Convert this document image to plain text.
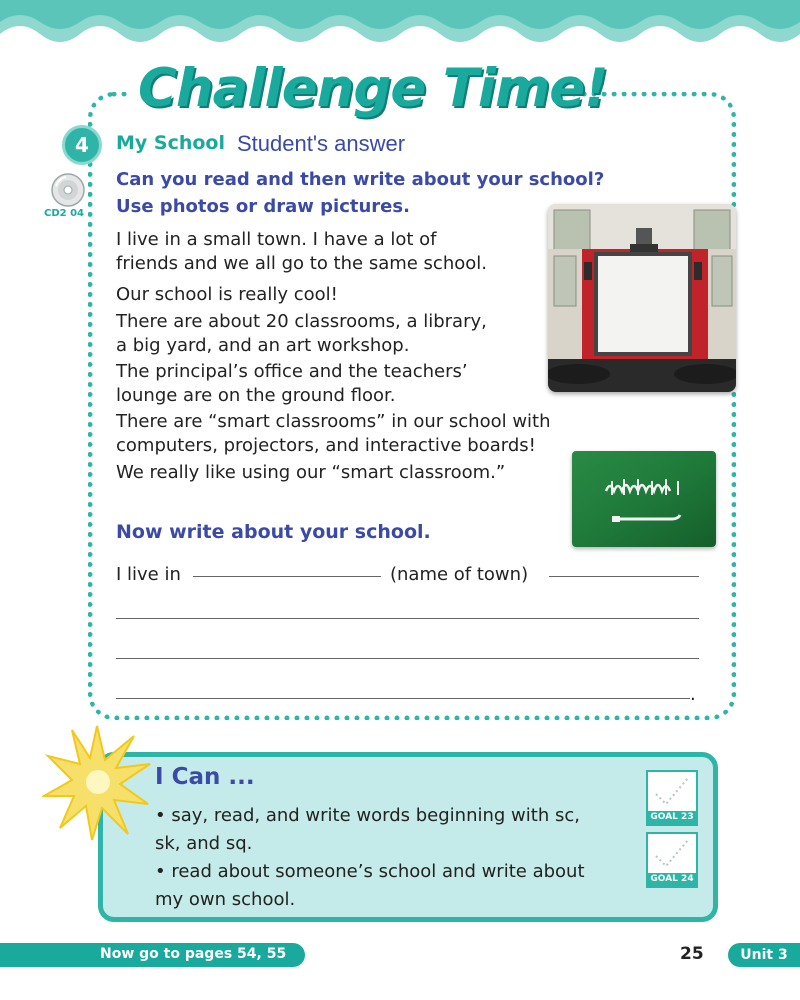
Challenge Time!
4	My School Student's answer
CD2 04
Can you read and then write about your school?
Use photos or draw pictures.
I live in a small town. I have a lot of
friends and we all go to the same school.
Our school is really cool!
There are about 20 classrooms, a library,
a big yard, and an art workshop.
The principal’s office and the teachers’
lounge are on the ground floor.
There are “smart classrooms” in our school with
computers, projectors, and interactive boards!
We really like using our “smart classroom.”
Now write about your school.
I live in	(name of town)
.
I Can ...
• say, read, and write words beginning with sc,
sk, and sq.
• read about someone’s school and write about
my own school.
GOAL 23
GOAL 24
Now go to pages 54, 55	25	Unit 3
